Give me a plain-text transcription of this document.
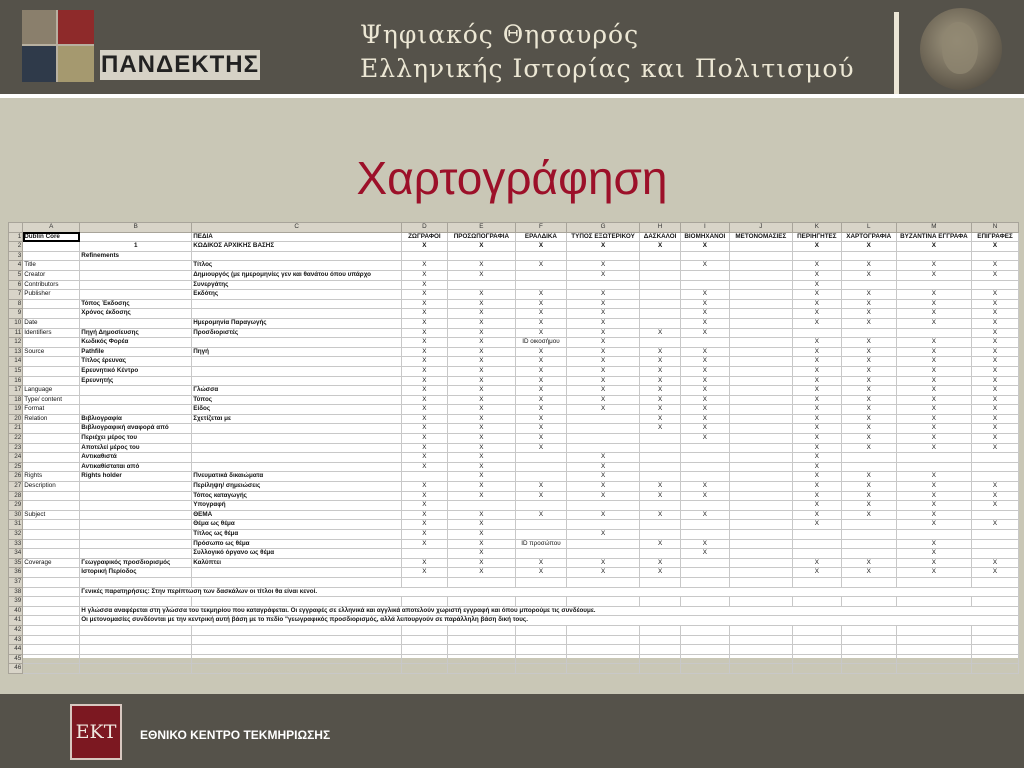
ΠΑΝΔΕΚΤΗΣ
Ψηφιακός Θησαυρός
Ελληνικής Ιστορίας και Πολιτισμού
Χαρτογράφηση
	A	B	C	D	E	F	G	H	I	J	K	L	M	N
1	Dublin Core		ΠΕΔΙΑ	ΖΩΓΡΑΦΟΙ	ΠΡΟΣΩΠΟΓΡΑΦΙΑ	ΕΡΑΛΔΙΚΑ	ΤΥΠΟΣ ΕΞΩΤΕΡΙΚΟΥ	ΔΑΣΚΑΛΟΙ	ΒΙΟΜΗΧΑΝΟΙ	ΜΕΤΟΝΟΜΑΣΙΕΣ	ΠΕΡΙΗΓΗΤΕΣ	ΧΑΡΤΟΓΡΑΦΙΑ	ΒΥΖΑΝΤΙΝΑ ΕΓΓΡΑΦΑ	ΕΠΙΓΡΑΦΕΣ
2		1	ΚΩΔΙΚΟΣ ΑΡΧΙΚΗΣ ΒΑΣΗΣ	X	X	X	X	X	X		X	X	X	X
3		Refinements												
4	Title		Τίτλος	X	X	X	X		X		X	X	X	X
5	Creator		Δημιουργός (με ημερομηνίες γεν και θανάτου όπου υπάρχο	X	X		X				X	X	X	X
6	Contributors		Συνεργάτης	X							X			
7	Publisher		Εκδότης	X	X	X	X		X		X	X	X	X
8		Τόπος Έκδοσης		X	X	X	X		X		X	X	X	X
9		Χρόνος έκδοσης		X	X	X	X		X		X	X	X	X
10	Date		Ημερομηνία Παραγωγής	X	X	X	X		X		X	X	X	X
11	Identifiers	Πηγή Δημοσίευσης	Προσδιοριστές	X	X	X	X	X	X					X
12		Κωδικός Φορέα		X	X	ID οικοσήμου	X				X	X	X	X
13	Source	Pathfile	Πηγή	X	X	X	X	X	X		X	X	X	X
14		Τίτλος έρευνας		X	X	X	X	X	X		X	X	X	X
15		Ερευνητικό Κέντρο		X	X	X	X	X	X		X	X	X	X
16		Ερευνητής		X	X	X	X	X	X		X	X	X	X
17	Language		Γλώσσα	X	X	X	X	X	X		X	X	X	X
18	Type/ content		Τύπος	X	X	X	X	X	X		X	X	X	X
19	Format		Είδος	X	X	X	X	X	X		X	X	X	X
20	Relation	Βιβλιογραφία	Σχετίζεται με	X	X	X		X	X		X	X	X	X
21		Βιβλιογραφική αναφορά από		X	X	X		X	X		X	X	X	X
22		Περιέχει μέρος του		X	X	X			X		X	X	X	X
23		Αποτελεί μέρος του		X	X	X					X	X	X	X
24		Αντικαθιστά		X	X		X				X			
25		Αντικαθίσταται από		X	X		X				X			
26	Rights	Rights holder	Πνευματικά δικαιώματα		X		X				X	X	X	
27	Description		Περίληψη/ σημειώσεις	X	X	X	X	X	X		X	X	X	X
28			Τόπος καταγωγής	X	X	X	X	X	X		X	X	X	X
29			Υπογραφή	X							X	X	X	X
30	Subject		ΘΕΜΑ	X	X	X	X	X	X		X	X	X	
31			Θέμα ως θέμα	X	X						X		X	X
32			Τίτλος ως θέμα	X	X		X							
33			Πρόσωπο ως θέμα	X	X	ID προσώπου		X	X				X	
34			Συλλογικό όργανο ως θέμα		X				X				X	
35	Coverage	Γεωγραφικός προσδιορισμός	Καλύπτει	X	X	X	X	X			X	X	X	X
36		Ιστορική Περίοδος		X	X	X	X	X			X	X	X	X
37														
38		Γενικές παρατηρήσεις: Στην περίπτωση των δασκάλων οι τίτλοι θα είναι κενοί.												
39														
40		Η γλώσσα αναφέρεται στη γλώσσα του τεκμηρίου που καταγράφεται. Οι εγγραφές σε ελληνικά και αγγλικά αποτελούν χωριστή εγγραφή και όπου μπορούμε τις συνδέουμε.												
41		Οι μετονομασίες συνδέονται με την κεντρική αυτή βάση με το πεδίο "γεωγραφικός προσδιορισμός, αλλά λειτουργούν σε παράλληλη βάση δική τους.												
42														
43														
44														
45														
46														
ΕΚΤ	ΕΘΝΙΚΟ ΚΕΝΤΡΟ ΤΕΚΜΗΡΙΩΣΗΣ
